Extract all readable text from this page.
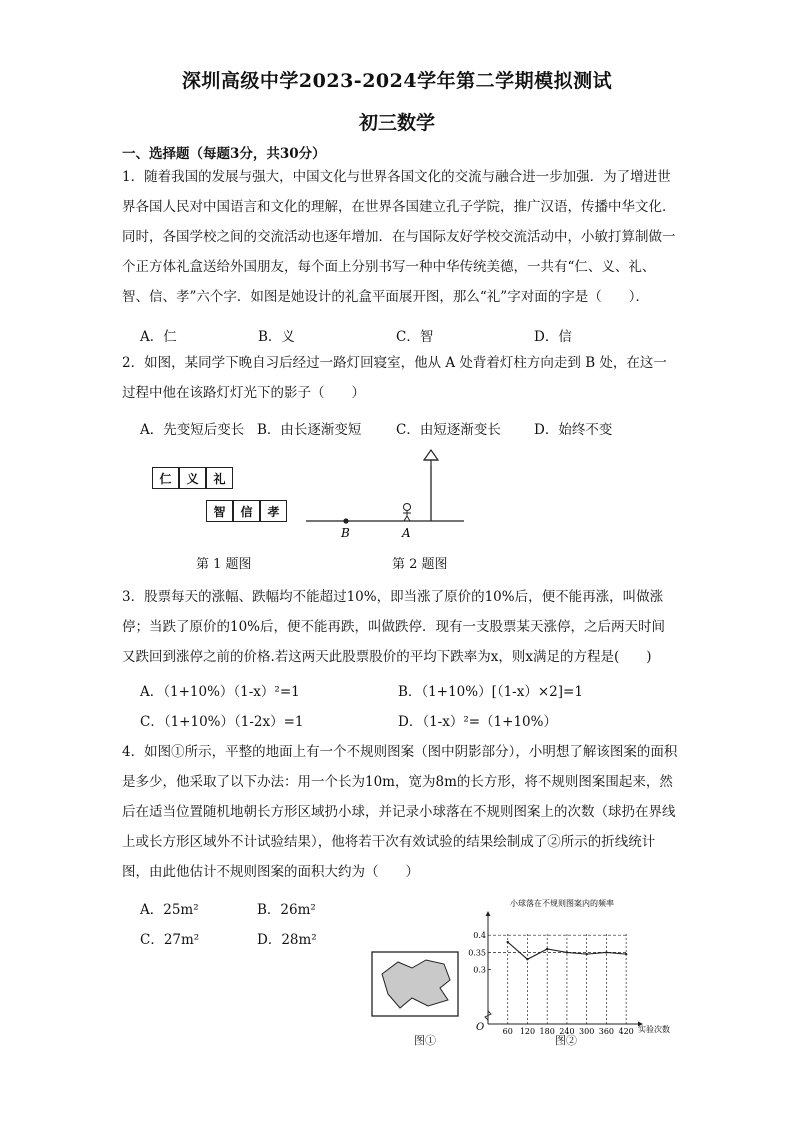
深圳高级中学2023-2024学年第二学期模拟测试
初三数学
一、选择题（每题3分，共30分）
1．随着我国的发展与强大，中国文化与世界各国文化的交流与融合进一步加强．为了增进世界各国人民对中国语言和文化的理解，在世界各国建立孔子学院，推广汉语，传播中华文化．同时，各国学校之间的交流活动也逐年增加．在与国际友好学校交流活动中，小敏打算制做一个正方体礼盒送给外国朋友，每个面上分别书写一种中华传统美德，一共有“仁、义、礼、智、信、孝”六个字．如图是她设计的礼盒平面展开图，那么“礼”字对面的字是（　　）．
A．仁	B．义	C．智	D．信
2．如图，某同学下晚自习后经过一路灯回寝室，他从 A 处背着灯柱方向走到 B 处，在这一过程中他在该路灯灯光下的影子（　　）
A．先变短后变长 B．由长逐渐变短	C．由短逐渐变长 D．始终不变
仁	义	礼
智	信	孝
第 1 题图
B	A
第 2 题图
3．股票每天的涨幅、跌幅均不能超过10%，即当涨了原价的10%后，便不能再涨，叫做涨停；当跌了原价的10%后，便不能再跌，叫做跌停．现有一支股票某天涨停，之后两天时间又跌回到涨停之前的价格.若这两天此股票股价的平均下跌率为x，则x满足的方程是(　　)
A．（1+10%）（1-x）²=1	B．（1+10%）[（1-x）×2]=1
C．（1+10%）（1-2x）=1	D．（1-x）²=（1+10%）
4．如图①所示，平整的地面上有一个不规则图案（图中阴影部分），小明想了解该图案的面积是多少，他采取了以下办法：用一个长为10m，宽为8m的长方形，将不规则图案围起来，然后在适当位置随机地朝长方形区域扔小球，并记录小球落在不规则图案上的次数（球扔在界线上或长方形区域外不计试验结果），他将若干次有效试验的结果绘制成了②所示的折线统计图，由此他估计不规则图案的面积大约为（　　）
A．25m²	B．26m²
C．27m²	D．28m²
图①
小球落在不规则图案内的频率
60 120 180 240 300 360 420
0.3
0.35
0.4
O	实验次数
图②
